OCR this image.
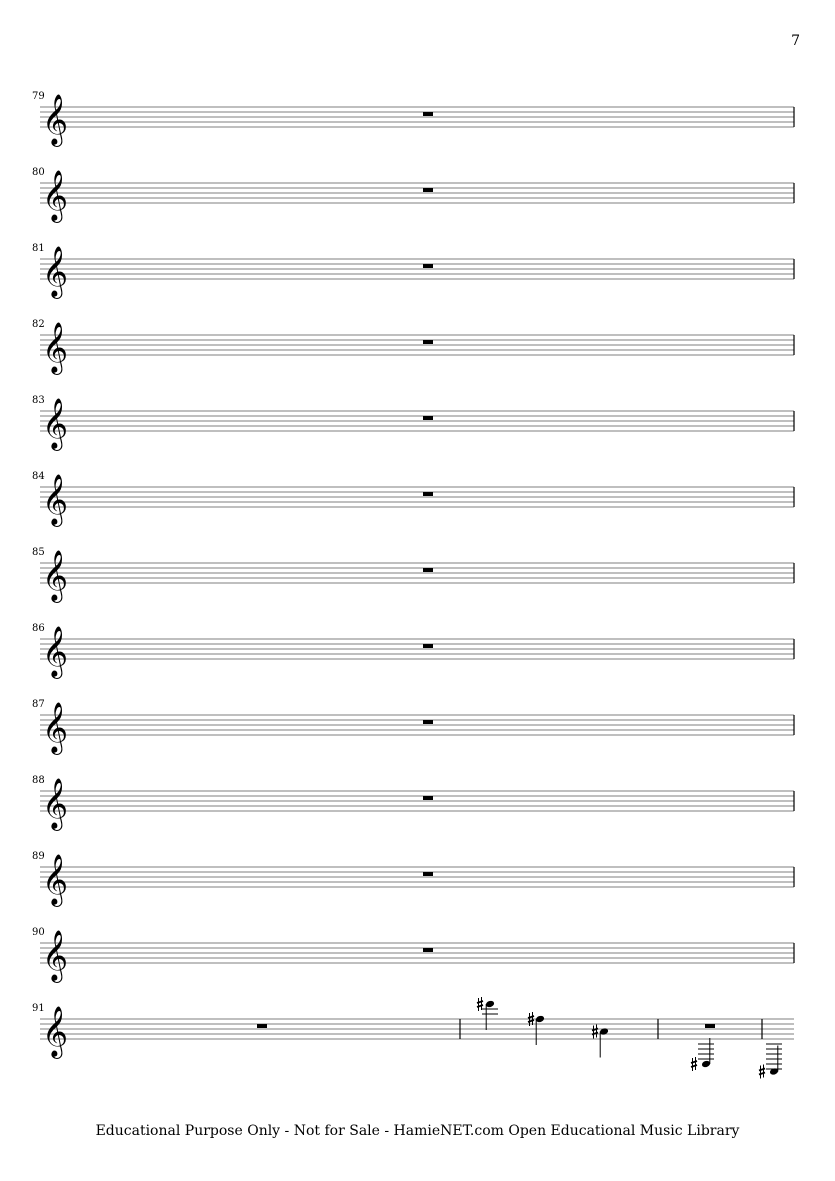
7
79
𝄞
80
𝄞
81
𝄞
82
𝄞
83
𝄞
84
𝄞
85
𝄞
86
𝄞
87
𝄞
88
𝄞
89
𝄞
90
𝄞
91
𝄞
Educational Purpose Only - Not for Sale - HamieNET.com Open Educational Music Library
